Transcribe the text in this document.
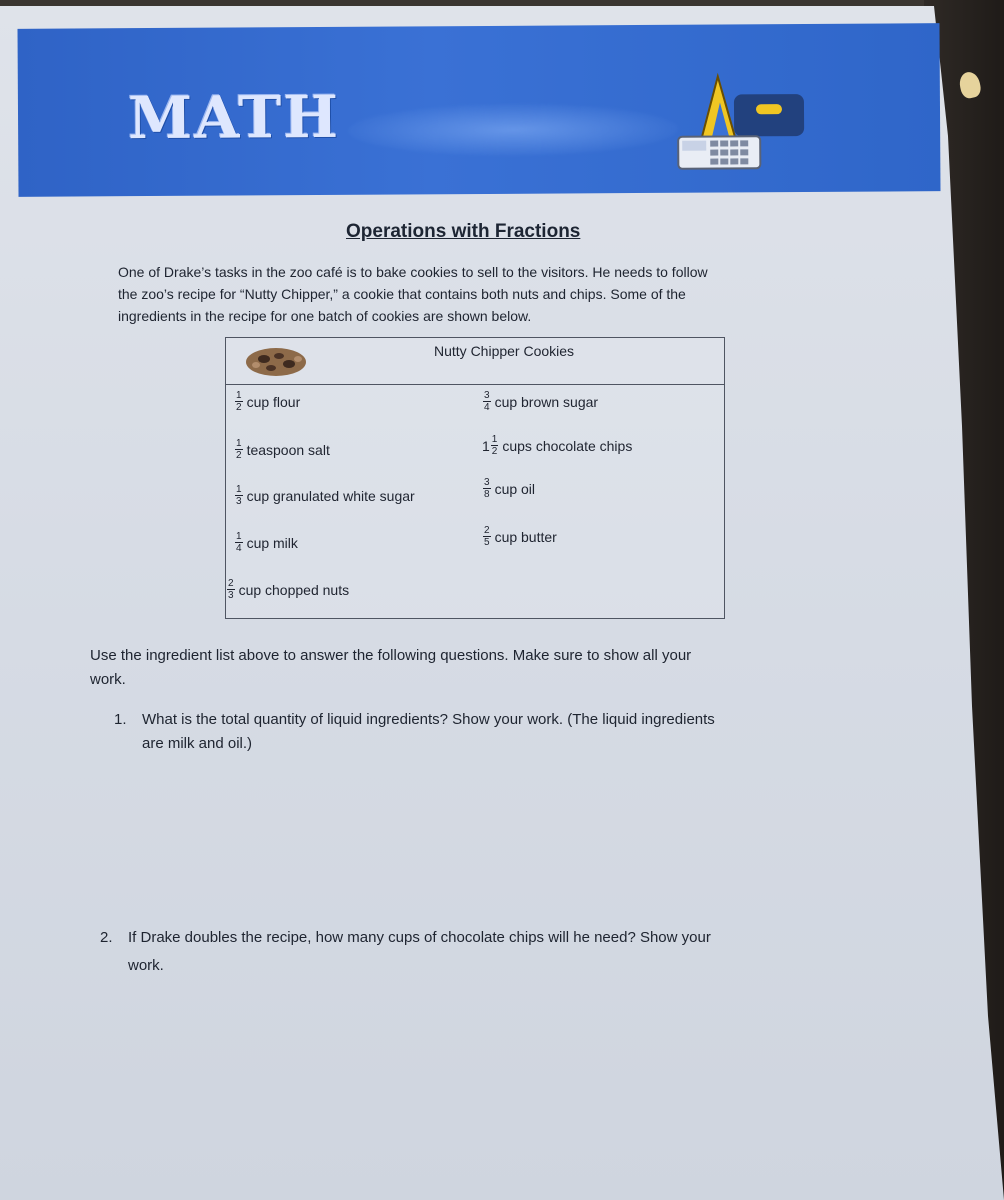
MATH
Operations with Fractions

One of Drake’s tasks in the zoo café is to bake cookies to sell to the visitors. He needs to follow

the zoo’s recipe for “Nutty Chipper,” a cookie that contains both nuts and chips. Some of the

ingredients in the recipe for one batch of cookies are shown below.

Nutty Chipper Cookies
$\frac{1}{2}$ cup flour	$\frac{3}{4}$ cup brown sugar
$\frac{1}{2}$ teaspoon salt	$1 \frac{1}{2}$ cups chocolate chips
$\frac{1}{3}$ cup granulated white sugar	$\frac{3}{8}$ cup oil
$\frac{1}{4}$ cup milk	$\frac{2}{5}$ cup butter
$\frac{2}{3}$ cup chopped nuts
Use the ingredient list above to answer the following questions. Make sure to show all your
work.
1. What is the total quantity of liquid ingredients? Show your work. (The liquid ingredients
are milk and oil.)
2. If Drake doubles the recipe, how many cups of chocolate chips will he need? Show your
work.
